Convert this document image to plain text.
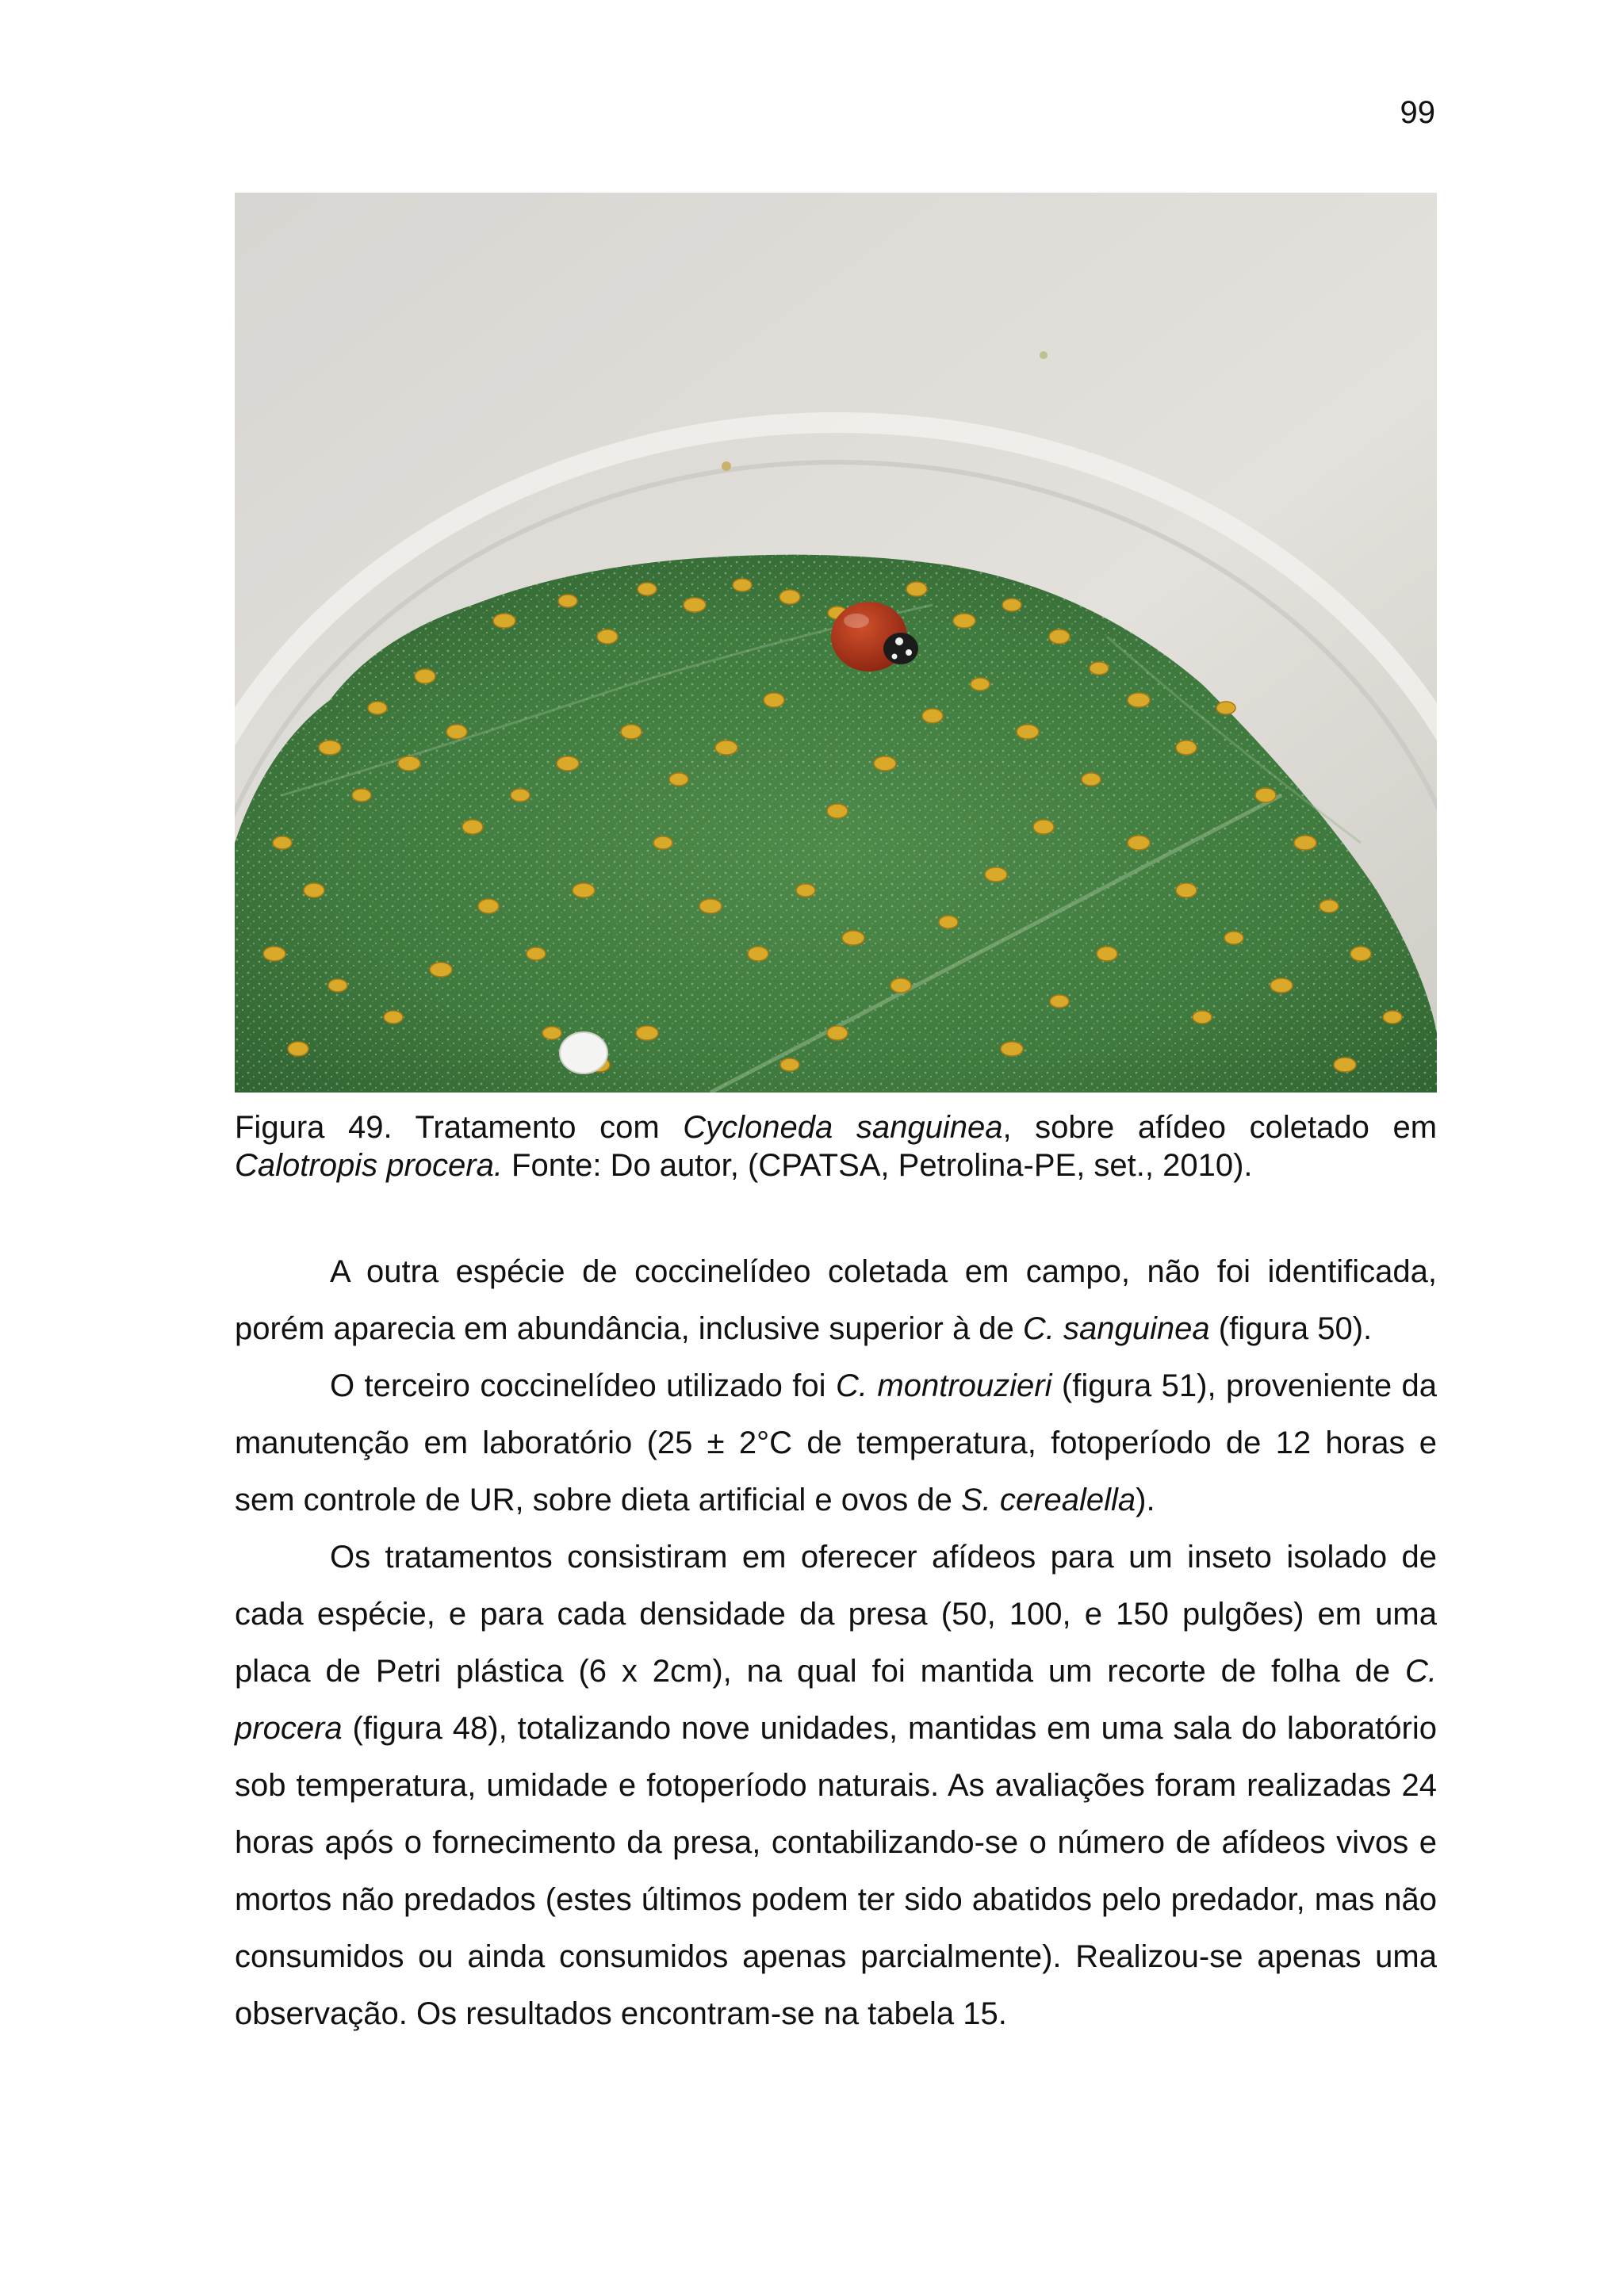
99
Figura 49. Tratamento com Cycloneda sanguinea, sobre afídeo coletado em
Calotropis procera. Fonte: Do autor, (CPATSA, Petrolina-PE, set., 2010).

A outra espécie de coccinelídeo coletada em campo, não foi identificada, porém aparecia em abundância, inclusive superior à de C. sanguinea (figura 50).

O terceiro coccinelídeo utilizado foi C. montrouzieri (figura 51), proveniente da manutenção em laboratório (25 ± 2°C de temperatura, fotoperíodo de 12 horas e sem controle de UR, sobre dieta artificial e ovos de S. cerealella).

Os tratamentos consistiram em oferecer afídeos para um inseto isolado de cada espécie, e para cada densidade da presa (50, 100, e 150 pulgões) em uma placa de Petri plástica (6 x 2cm), na qual foi mantida um recorte de folha de C. procera (figura 48), totalizando nove unidades, mantidas em uma sala do laboratório sob temperatura, umidade e fotoperíodo naturais. As avaliações foram realizadas 24 horas após o fornecimento da presa, contabilizando-se o número de afídeos vivos e mortos não predados (estes últimos podem ter sido abatidos pelo predador, mas não consumidos ou ainda consumidos apenas parcialmente). Realizou-se apenas uma observação. Os resultados encontram-se na tabela 15.
